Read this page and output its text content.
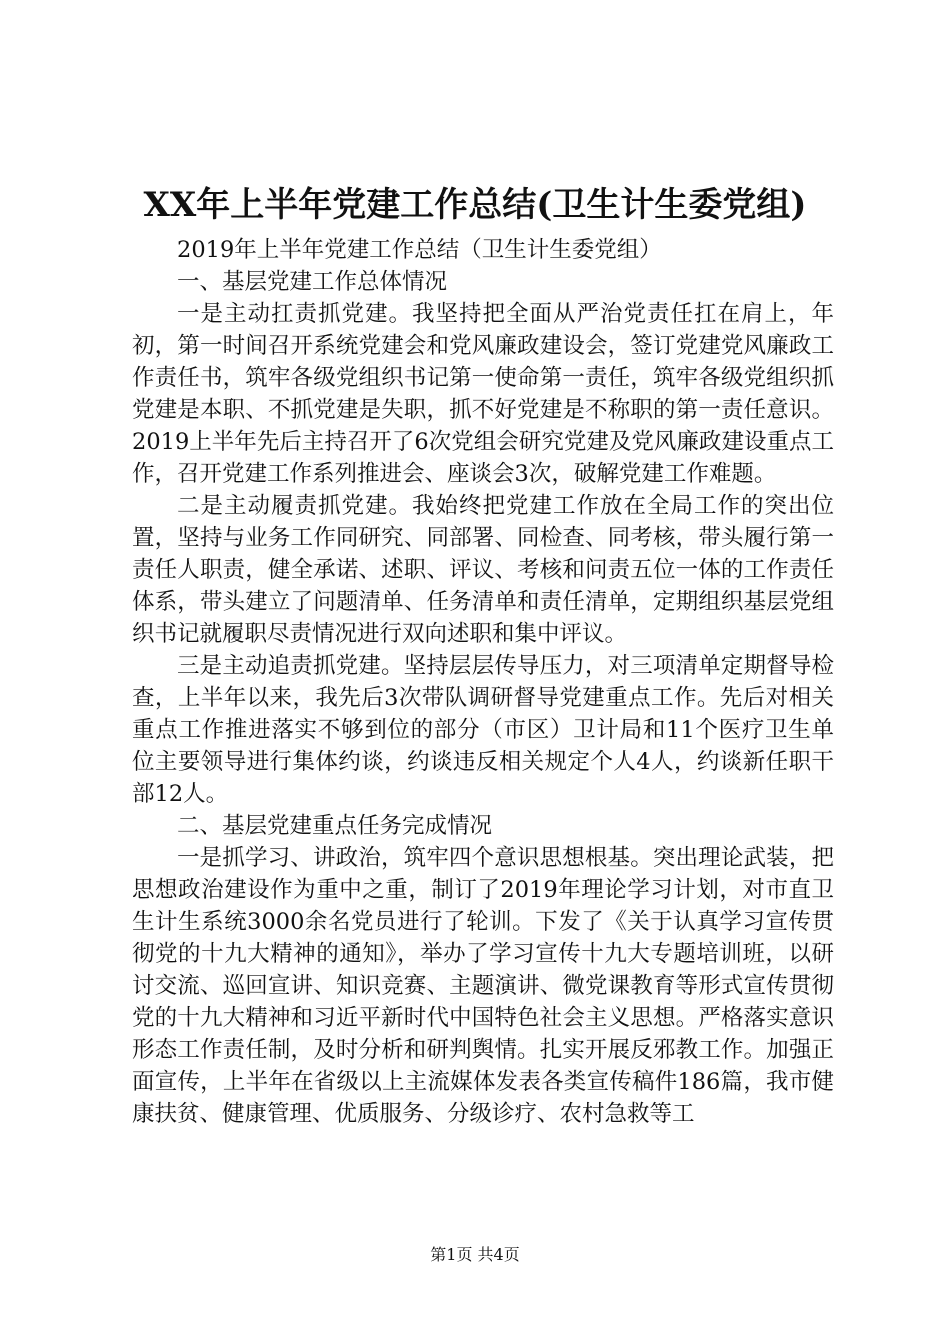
XX年上半年党建工作总结(卫生计生委党组)

2019年上半年党建工作总结（卫生计生委党组）

一、基层党建工作总体情况

一是主动扛责抓党建。我坚持把全面从严治党责任扛在肩上，年初，第一时间召开系统党建会和党风廉政建设会，签订党建党风廉政工作责任书，筑牢各级党组织书记第一使命第一责任，筑牢各级党组织抓党建是本职、不抓党建是失职，抓不好党建是不称职的第一责任意识。2019上半年先后主持召开了6次党组会研究党建及党风廉政建设重点工作，召开党建工作系列推进会、座谈会3次，破解党建工作难题。

二是主动履责抓党建。我始终把党建工作放在全局工作的突出位置，坚持与业务工作同研究、同部署、同检查、同考核，带头履行第一责任人职责，健全承诺、述职、评议、考核和问责五位一体的工作责任体系，带头建立了问题清单、任务清单和责任清单，定期组织基层党组织书记就履职尽责情况进行双向述职和集中评议。

三是主动追责抓党建。坚持层层传导压力，对三项清单定期督导检查，上半年以来，我先后3次带队调研督导党建重点工作。先后对相关重点工作推进落实不够到位的部分（市区）卫计局和11个医疗卫生单位主要领导进行集体约谈，约谈违反相关规定个人4人，约谈新任职干部12人。

二、基层党建重点任务完成情况

一是抓学习、讲政治，筑牢四个意识思想根基。突出理论武装，把思想政治建设作为重中之重，制订了2019年理论学习计划，对市直卫生计生系统3000余名党员进行了轮训。下发了《关于认真学习宣传贯彻党的十九大精神的通知》，举办了学习宣传十九大专题培训班，以研讨交流、巡回宣讲、知识竞赛、主题演讲、微党课教育等形式宣传贯彻党的十九大精神和习近平新时代中国特色社会主义思想。严格落实意识形态工作责任制，及时分析和研判舆情。扎实开展反邪教工作。加强正面宣传，上半年在省级以上主流媒体发表各类宣传稿件186篇，我市健康扶贫、健康管理、优质服务、分级诊疗、农村急救等工

第1页 共4页
